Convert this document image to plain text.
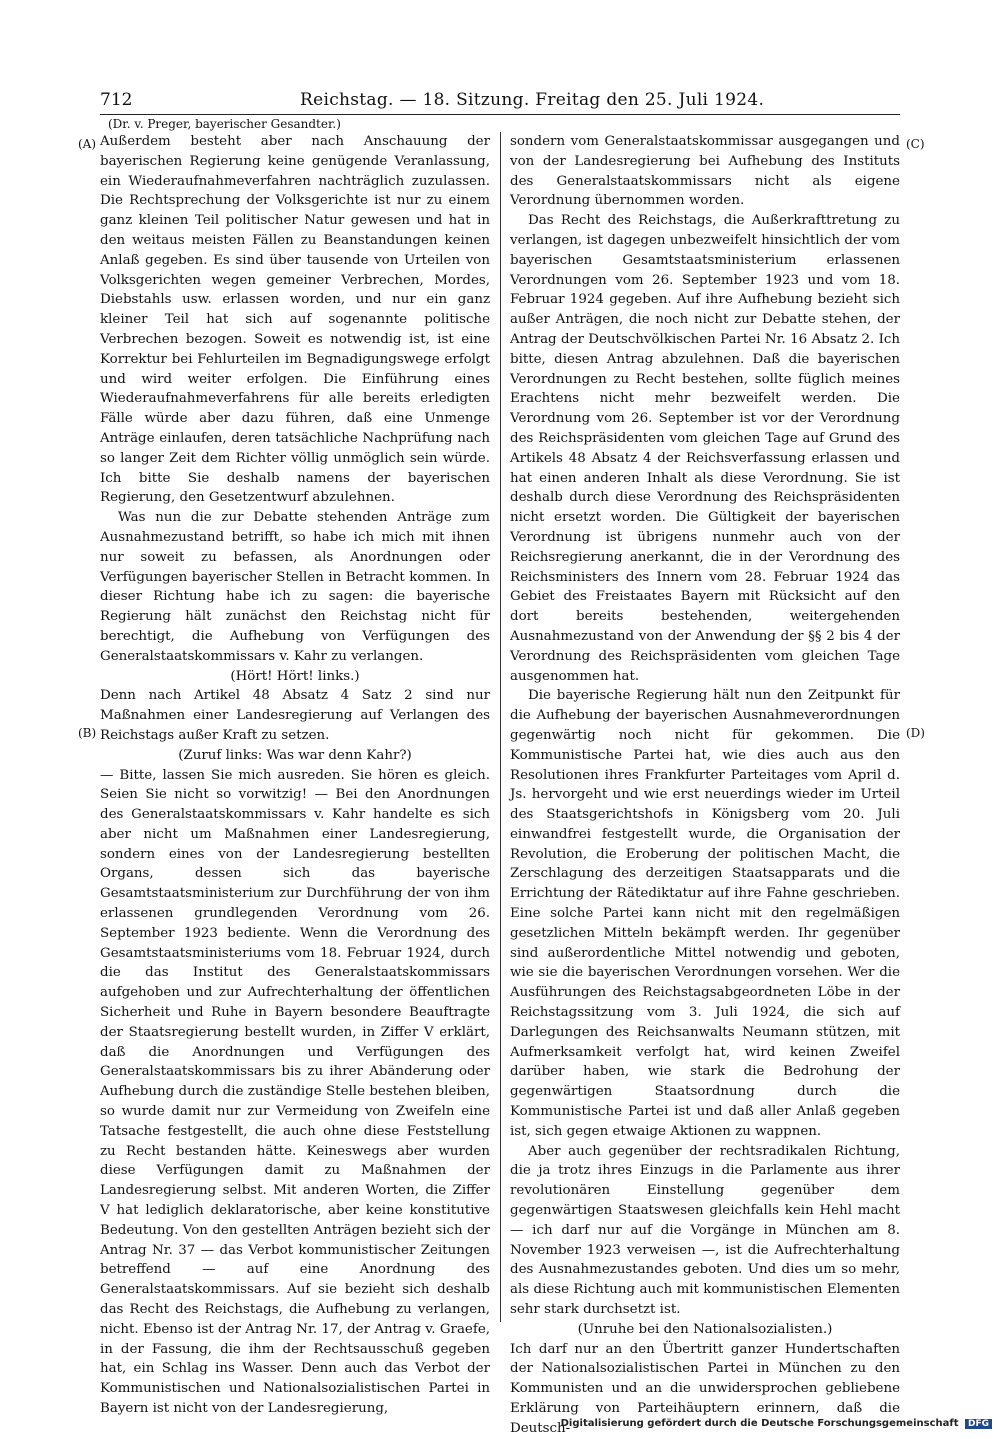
712	Reichstag. — 18. Sitzung. Freitag den 25. Juli 1924.
(Dr. v. Preger, bayerischer Gesandter.)
(A)
(B)
(C)
(D)

Außerdem besteht aber nach Anschauung der bayerischen Regierung keine genügende Veranlassung, ein Wiederaufnahmeverfahren nachträglich zuzulassen. Die Rechtsprechung der Volksgerichte ist nur zu einem ganz kleinen Teil politischer Natur gewesen und hat in den weitaus meisten Fällen zu Beanstandungen keinen Anlaß gegeben. Es sind über tausende von Urteilen von Volksgerichten wegen gemeiner Verbrechen, Mordes, Diebstahls usw. erlassen worden, und nur ein ganz kleiner Teil hat sich auf sogenannte politische Verbrechen bezogen. Soweit es notwendig ist, ist eine Korrektur bei Fehlurteilen im Begnadigungswege erfolgt und wird weiter erfolgen. Die Einführung eines Wiederaufnahmeverfahrens für alle bereits erledigten Fälle würde aber dazu führen, daß eine Unmenge Anträge einlaufen, deren tatsächliche Nachprüfung nach so langer Zeit dem Richter völlig unmöglich sein würde. Ich bitte Sie deshalb namens der bayerischen Regierung, den Gesetzentwurf abzulehnen.

Was nun die zur Debatte stehenden Anträge zum Ausnahmezustand betrifft, so habe ich mich mit ihnen nur soweit zu befassen, als Anordnungen oder Verfügungen bayerischer Stellen in Betracht kommen. In dieser Richtung habe ich zu sagen: die bayerische Regierung hält zunächst den Reichstag nicht für berechtigt, die Aufhebung von Verfügungen des Generalstaatskommissars v. Kahr zu verlangen.

(Hört! Hört! links.)

Denn nach Artikel 48 Absatz 4 Satz 2 sind nur Maßnahmen einer Landesregierung auf Verlangen des Reichstags außer Kraft zu setzen.

(Zuruf links: Was war denn Kahr?)

— Bitte, lassen Sie mich ausreden. Sie hören es gleich. Seien Sie nicht so vorwitzig! — Bei den Anordnungen des Generalstaatskommissars v. Kahr handelte es sich aber nicht um Maßnahmen einer Landesregierung, sondern eines von der Landesregierung bestellten Organs, dessen sich das bayerische Gesamtstaatsministerium zur Durchführung der von ihm erlassenen grundlegenden Verordnung vom 26. September 1923 bediente. Wenn die Verordnung des Gesamtstaatsministeriums vom 18. Februar 1924, durch die das Institut des Generalstaatskommissars aufgehoben und zur Aufrechterhaltung der öffentlichen Sicherheit und Ruhe in Bayern besondere Beauftragte der Staatsregierung bestellt wurden, in Ziffer V erklärt, daß die Anordnungen und Verfügungen des Generalstaatskommissars bis zu ihrer Abänderung oder Aufhebung durch die zuständige Stelle bestehen bleiben, so wurde damit nur zur Vermeidung von Zweifeln eine Tatsache festgestellt, die auch ohne diese Feststellung zu Recht bestanden hätte. Keineswegs aber wurden diese Verfügungen damit zu Maßnahmen der Landesregierung selbst. Mit anderen Worten, die Ziffer V hat lediglich deklaratorische, aber keine konstitutive Bedeutung. Von den gestellten Anträgen bezieht sich der Antrag Nr. 37 — das Verbot kommunistischer Zeitungen betreffend — auf eine Anordnung des Generalstaatskommissars. Auf sie bezieht sich deshalb das Recht des Reichstags, die Aufhebung zu verlangen, nicht. Ebenso ist der Antrag Nr. 17, der Antrag v. Graefe, in der Fassung, die ihm der Rechtsausschuß gegeben hat, ein Schlag ins Wasser. Denn auch das Verbot der Kommunistischen und Nationalsozialistischen Partei in Bayern ist nicht von der Landesregierung,

sondern vom Generalstaatskommissar ausgegangen und von der Landesregierung bei Aufhebung des Instituts des Generalstaatskommissars nicht als eigene Verordnung übernommen worden.

Das Recht des Reichstags, die Außerkrafttretung zu verlangen, ist dagegen unbezweifelt hinsichtlich der vom bayerischen Gesamtstaatsministerium erlassenen Verordnungen vom 26. September 1923 und vom 18. Februar 1924 gegeben. Auf ihre Aufhebung bezieht sich außer Anträgen, die noch nicht zur Debatte stehen, der Antrag der Deutschvölkischen Partei Nr. 16 Absatz 2. Ich bitte, diesen Antrag abzulehnen. Daß die bayerischen Verordnungen zu Recht bestehen, sollte füglich meines Erachtens nicht mehr bezweifelt werden. Die Verordnung vom 26. September ist vor der Verordnung des Reichspräsidenten vom gleichen Tage auf Grund des Artikels 48 Absatz 4 der Reichsverfassung erlassen und hat einen anderen Inhalt als diese Verordnung. Sie ist deshalb durch diese Verordnung des Reichspräsidenten nicht ersetzt worden. Die Gültigkeit der bayerischen Verordnung ist übrigens nunmehr auch von der Reichsregierung anerkannt, die in der Verordnung des Reichsministers des Innern vom 28. Februar 1924 das Gebiet des Freistaates Bayern mit Rücksicht auf den dort bereits bestehenden, weitergehenden Ausnahmezustand von der Anwendung der §§ 2 bis 4 der Verordnung des Reichspräsidenten vom gleichen Tage ausgenommen hat.

Die bayerische Regierung hält nun den Zeitpunkt für die Aufhebung der bayerischen Ausnahmeverordnungen gegenwärtig noch nicht für gekommen. Die Kommunistische Partei hat, wie dies auch aus den Resolutionen ihres Frankfurter Parteitages vom April d. Js. hervorgeht und wie erst neuerdings wieder im Urteil des Staatsgerichtshofs in Königsberg vom 20. Juli einwandfrei festgestellt wurde, die Organisation der Revolution, die Eroberung der politischen Macht, die Zerschlagung des derzeitigen Staatsapparats und die Errichtung der Rätediktatur auf ihre Fahne geschrieben. Eine solche Partei kann nicht mit den regelmäßigen gesetzlichen Mitteln bekämpft werden. Ihr gegenüber sind außerordentliche Mittel notwendig und geboten, wie sie die bayerischen Verordnungen vorsehen. Wer die Ausführungen des Reichstagsabgeordneten Löbe in der Reichstagssitzung vom 3. Juli 1924, die sich auf Darlegungen des Reichsanwalts Neumann stützen, mit Aufmerksamkeit verfolgt hat, wird keinen Zweifel darüber haben, wie stark die Bedrohung der gegenwärtigen Staatsordnung durch die Kommunistische Partei ist und daß aller Anlaß gegeben ist, sich gegen etwaige Aktionen zu wappnen.

Aber auch gegenüber der rechtsradikalen Richtung, die ja trotz ihres Einzugs in die Parlamente aus ihrer revolutionären Einstellung gegenüber dem gegenwärtigen Staatswesen gleichfalls kein Hehl macht — ich darf nur auf die Vorgänge in München am 8. November 1923 verweisen —, ist die Aufrechterhaltung des Ausnahmezustandes geboten. Und dies um so mehr, als diese Richtung auch mit kommunistischen Elementen sehr stark durchsetzt ist.

(Unruhe bei den Nationalsozialisten.)

Ich darf nur an den Übertritt ganzer Hundertschaften der Nationalsozialistischen Partei in München zu den Kommunisten und an die unwidersprochen gebliebene Erklärung von Parteihäuptern erinnern, daß die Deutsch-

Digitalisierung gefördert durch die Deutsche Forschungsgemeinschaft DFG
